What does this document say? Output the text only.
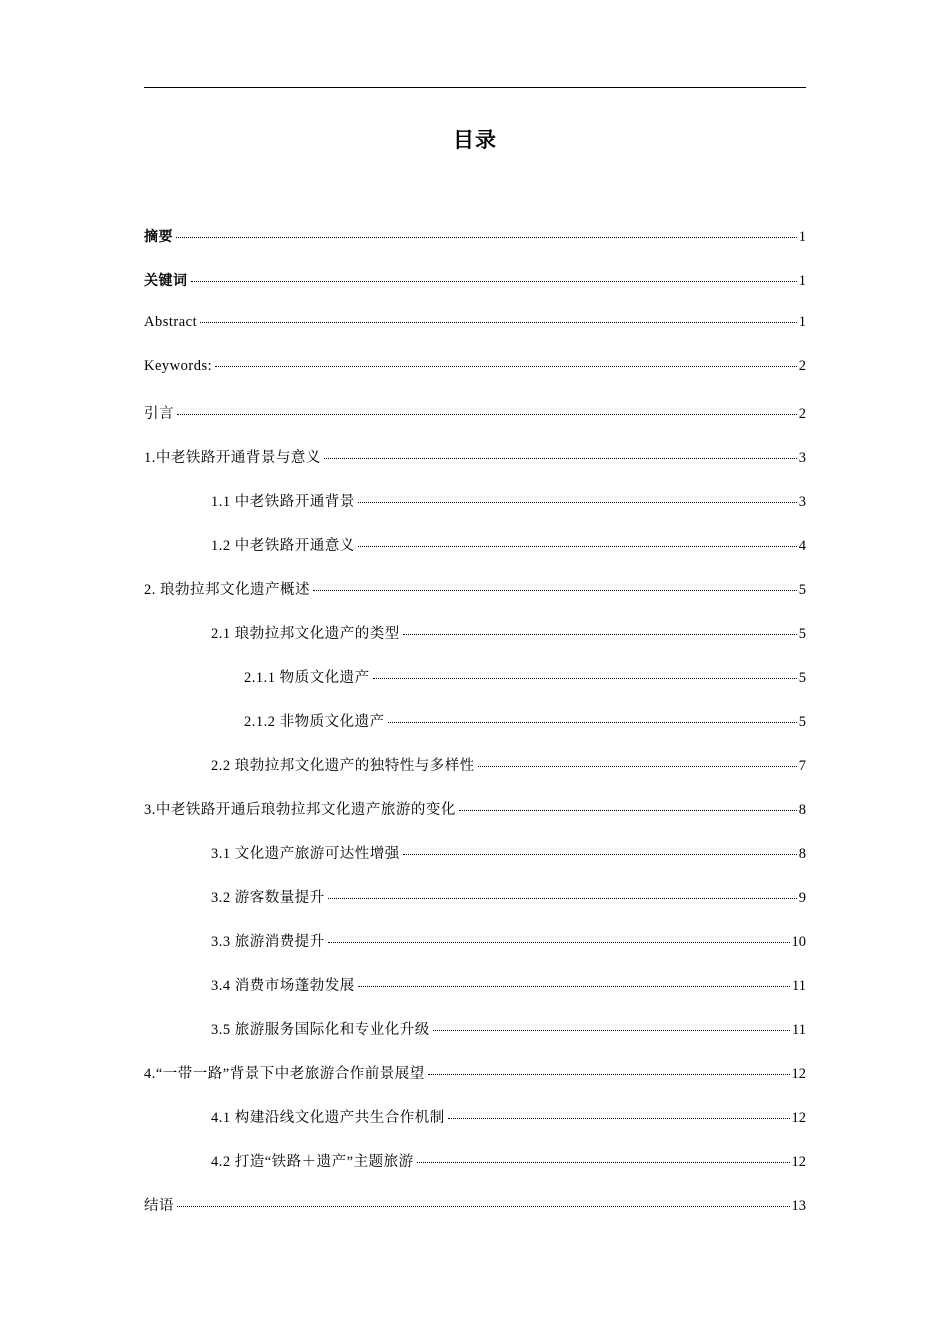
目录
摘要	1
关键词	1
Abstract	1
Keywords:	2
引言	2
1.中老铁路开通背景与意义	3
1.1 中老铁路开通背景	3
1.2 中老铁路开通意义	4
2. 琅勃拉邦文化遗产概述	5
2.1 琅勃拉邦文化遗产的类型	5
2.1.1 物质文化遗产	5
2.1.2 非物质文化遗产	5
2.2 琅勃拉邦文化遗产的独特性与多样性	7
3.中老铁路开通后琅勃拉邦文化遗产旅游的变化	8
3.1 文化遗产旅游可达性增强	8
3.2 游客数量提升	9
3.3 旅游消费提升	10
3.4 消费市场蓬勃发展	11
3.5 旅游服务国际化和专业化升级	11
4.“一带一路”背景下中老旅游合作前景展望	12
4.1 构建沿线文化遗产共生合作机制	12
4.2 打造“铁路＋遗产”主题旅游	12
结语	13
